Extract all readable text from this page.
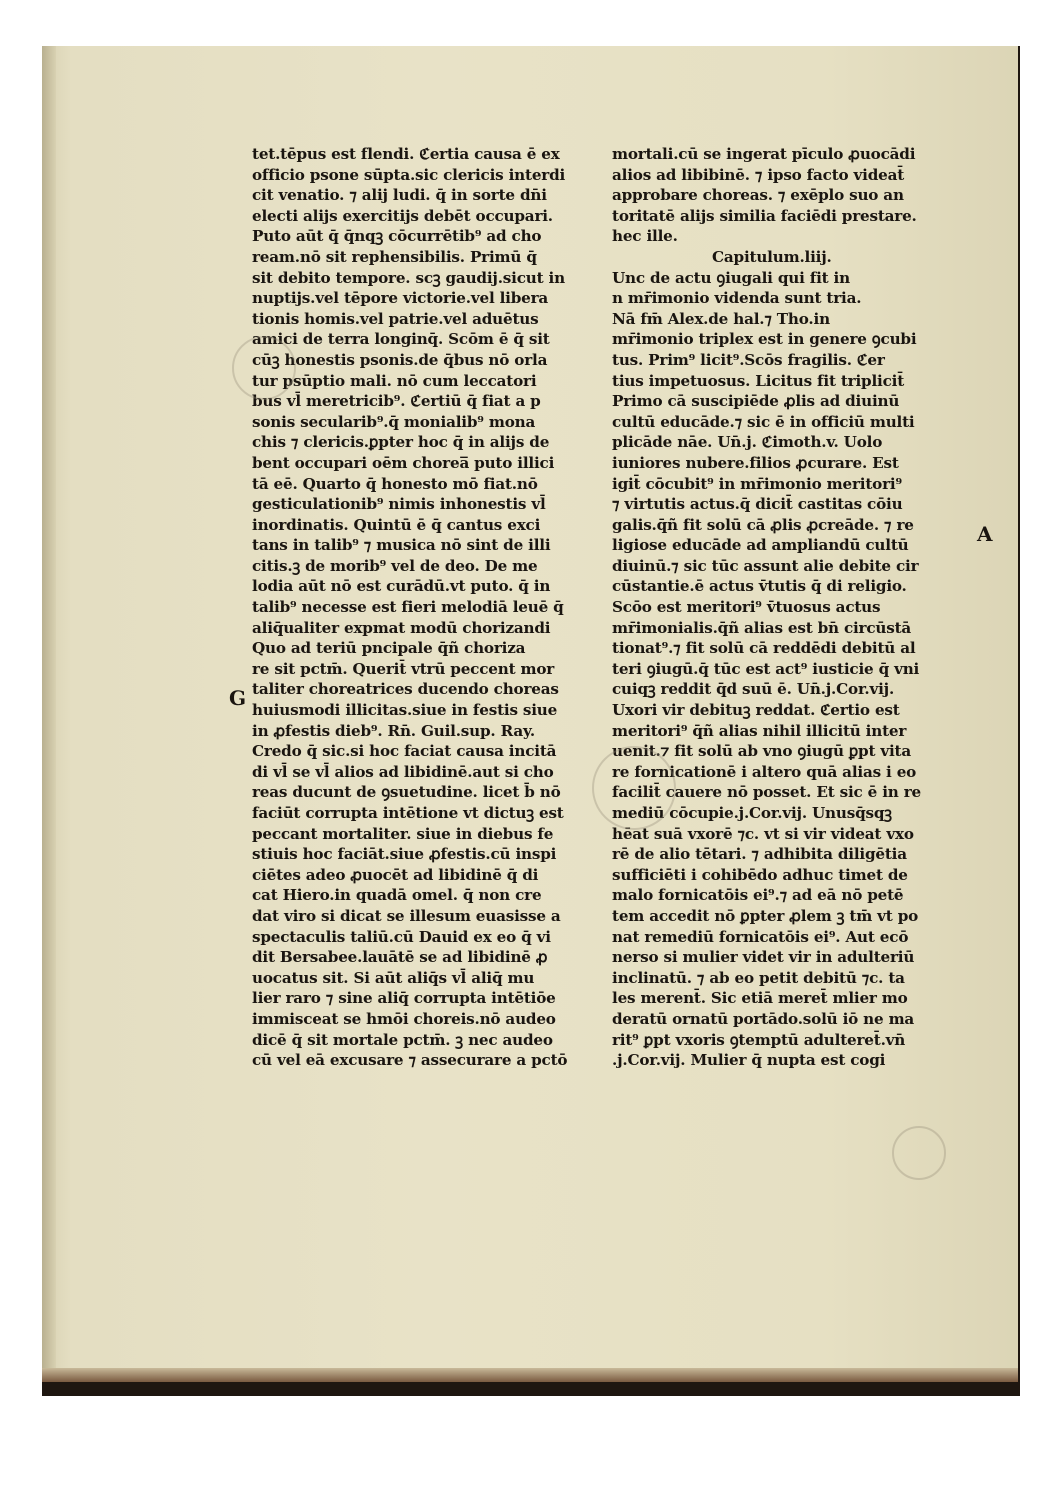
tet.tēpus est flendi. ℭertia causa ē ex
officio psone sūpta.sic clericis interdi
cit venatio. ⁊ alij ludi. q̄ in sorte dn̄i
electi alijs exercitijs debēt occupari.
Puto aūt q̄ q̄nqꝫ cōcurrētib⁹ ad cho
ream.nō sit rephensibilis. Primū q̄
sit debito tempore. scꝫ gaudij.sicut in
nuptijs.vel tēpore victorie.vel libera
tionis homis.vel patrie.vel aduētus
amici de terra longinq̄. Scōm ē q̄ sit
cūꝫ honestis psonis.de q̄bus nō orla
tur psūptio mali. nō cum leccatori
bus vl̄ meretricib⁹. ℭertiū q̄ fiat a p
sonis secularib⁹.q̄ monialib⁹ mona
chis ⁊ clericis.ꝑpter hoc q̄ in alijs de
bent occupari oēm chorea̅ puto illici
tā eē. Quarto q̄ honesto mō fiat.nō
gesticulationib⁹ nimis inhonestis vl̄
inordinatis. Quintū ē q̄ cantus exci
tans in talib⁹ ⁊ musica nō sint de illi
citis.ꝫ de morib⁹ vel de deo. De me
lodia aūt nō est curādū.vt puto. q̄ in
talib⁹ necesse est fieri melodiā leuē q̄
aliq̄ualiter expmat modū chorizandi
Quo ad teriū pncipale q̄ñ choriza
re sit pctm̄. Querit̄ vtrū peccent mor
taliter choreatrices ducendo choreas
huiusmodi illicitas.siue in festis siue
in ꝓfestis dieb⁹. Rn̄. Guil.sup. Ray.
Credo q̄ sic.si hoc faciat causa incitā
di vl̄ se vl̄ alios ad libidinē.aut si cho
reas ducunt de ꝯsuetudine. licet b̄ nō
faciūt corrupta intētione vt dictuꝫ est
peccant mortaliter. siue in diebus fe
stiuis hoc faciāt.siue ꝓfestis.cū inspi
ciētes adeo ꝓuocēt ad libidinē q̄ di
cat Hiero.in quadā omel. q̄ non cre
dat viro si dicat se illesum euasisse a
spectaculis taliū.cū Dauid ex eo q̄ vi
dit Bersabee.lauātē se ad libidinē ꝓ
uocatus sit. Si aūt aliq̄s vl̄ aliq̄ mu
lier raro ⁊ sine aliq̄ corrupta intētiōe
immisceat se hmōi choreis.nō audeo
dicē q̄ sit mortale pctm̄. ꝫ nec audeo
cū vel eā excusare ⁊ assecurare a pctō
mortali.cū se ingerat pīculo ꝓuocādi
alios ad libibinē. ⁊ ipso facto videat̄
approbare choreas. ⁊ exēplo suo an
toritatē alijs similia faciēdi prestare.
hec ille.
Capitulum.liij.
Unc de actu ꝯiugali qui fit in
n mr̄imonio videnda sunt tria.
Nā fm̄ Alex.de hal.⁊ Tho.in
mr̄imonio triplex est in genere ꝯcubi
tus. Prim⁹ licit⁹.Scōs fragilis. ℭer
tius impetuosus. Licitus fit triplicit̄
Primo cā suscipiēde ꝓlis ad diuinū
cultū educāde.⁊ sic ē in officiū multi
plicāde nāe. Un̄.j. ℭimoth.v. Uolo
iuniores nubere.filios ꝓcurare. Est
igit̄ cōcubit⁹ in mr̄imonio meritori⁹
⁊ virtutis actus.q̄ dicit̄ castitas cōiu
galis.q̄ñ fit solū cā ꝓlis ꝓcreāde. ⁊ re
ligiose educāde ad ampliandū cultū
diuinū.⁊ sic tūc assunt alie debite cir
cūstantie.ē actus v̄tutis q̄ di religio.
Scōo est meritori⁹ v̄tuosus actus
mr̄imonialis.q̄ñ alias est bn̄ circūstā
tionat⁹.⁊ fit solū cā reddēdi debitū al
teri ꝯiugū.q̄ tūc est act⁹ iusticie q̄ vni
cuiqꝫ reddit q̄d suū ē. Un̄.j.Cor.vij.
Uxori vir debituꝫ reddat. ℭertio est
meritori⁹ q̄ñ alias nihil illicitū inter
uenit.⁊ fit solū ab vno ꝯiugū ꝑpt vita
re fornicationē i altero quā alias i eo
facilit̄ cauere nō posset. Et sic ē in re
mediū cōcupie.j.Cor.vij. Unusq̄sqꝫ
hēat suā vxorē ⁊c. vt si vir videat vxo
rē de alio tētari. ⁊ adhibita diligētia
sufficiēti i cohibēdo adhuc timet de
malo fornicatōis ei⁹.⁊ ad eā nō petē
tem accedit nō ꝑpter ꝓlem ꝫ tm̄ vt po
nat remediū fornicatōis ei⁹. Aut ecō
nerso si mulier videt vir in adulteriū
inclinatū. ⁊ ab eo petit debitū ⁊c. ta
les merent̄. Sic etiā meret̄ mlier mo
deratū ornatū portādo.solū iō ne ma
rit⁹ ꝑpt vxoris ꝯtemptū adulteret̄.vn̄
.j.Cor.vij. Mulier q̄ nupta est cogi
G
A
